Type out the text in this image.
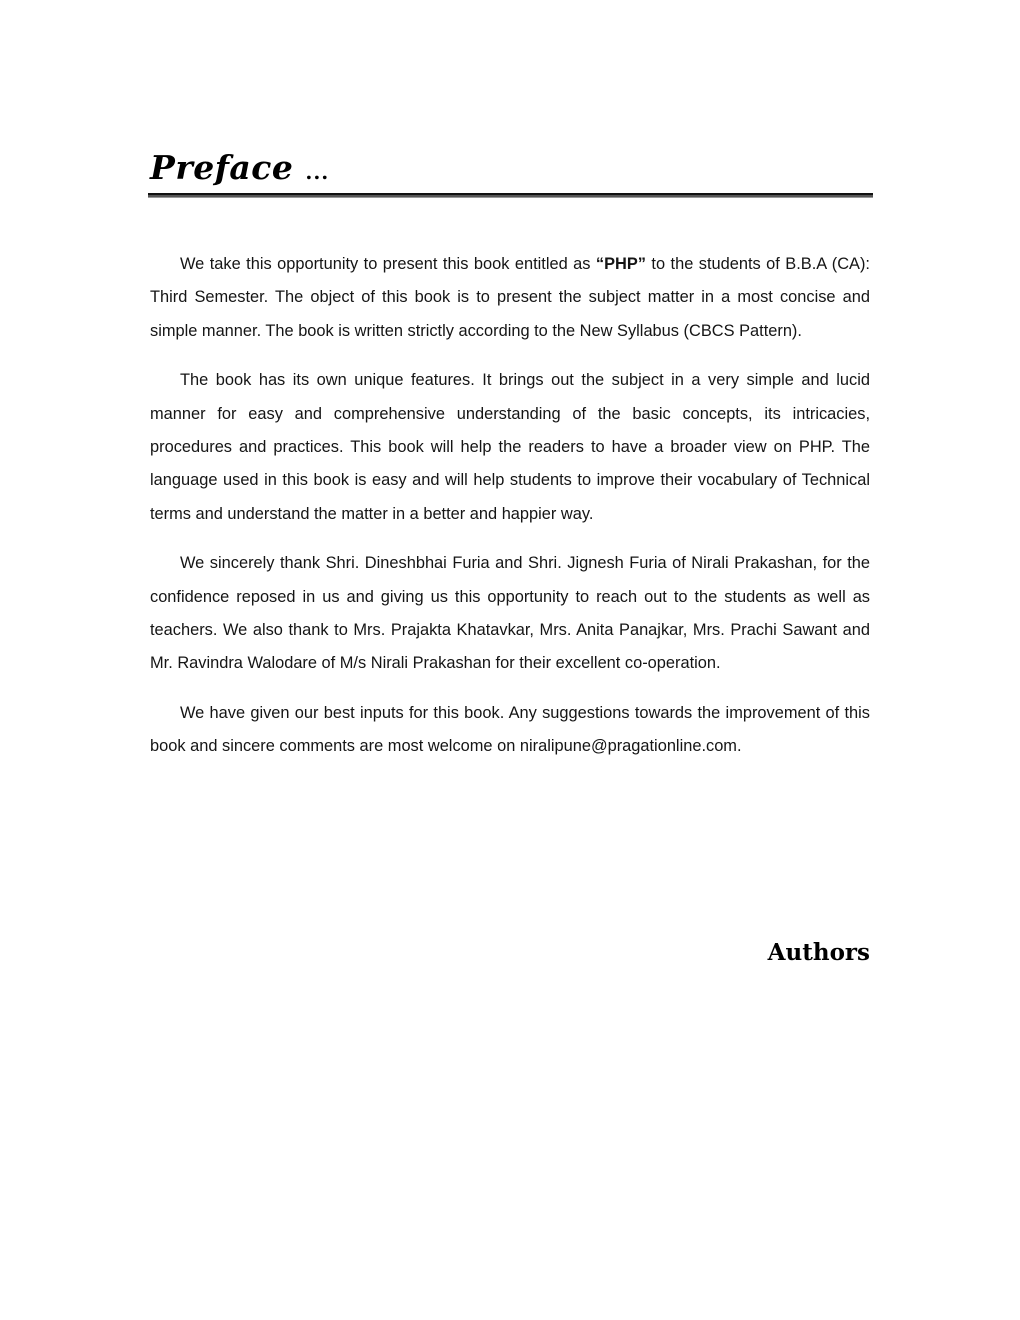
Preface ...

We take this opportunity to present this book entitled as “PHP” to the students of B.B.A (CA): Third Semester. The object of this book is to present the subject matter in a most concise and simple manner. The book is written strictly according to the New Syllabus (CBCS Pattern).

The book has its own unique features. It brings out the subject in a very simple and lucid manner for easy and comprehensive understanding of the basic concepts, its intricacies, procedures and practices. This book will help the readers to have a broader view on PHP. The language used in this book is easy and will help students to improve their vocabulary of Technical terms and understand the matter in a better and happier way.

We sincerely thank Shri. Dineshbhai Furia and Shri. Jignesh Furia of Nirali Prakashan, for the confidence reposed in us and giving us this opportunity to reach out to the students as well as teachers. We also thank to Mrs. Prajakta Khatavkar, Mrs. Anita Panajkar, Mrs. Prachi Sawant and Mr. Ravindra Walodare of M/s Nirali Prakashan for their excellent co-operation.

We have given our best inputs for this book. Any suggestions towards the improvement of this book and sincere comments are most welcome on niralipune@pragationline.com.

Authors
